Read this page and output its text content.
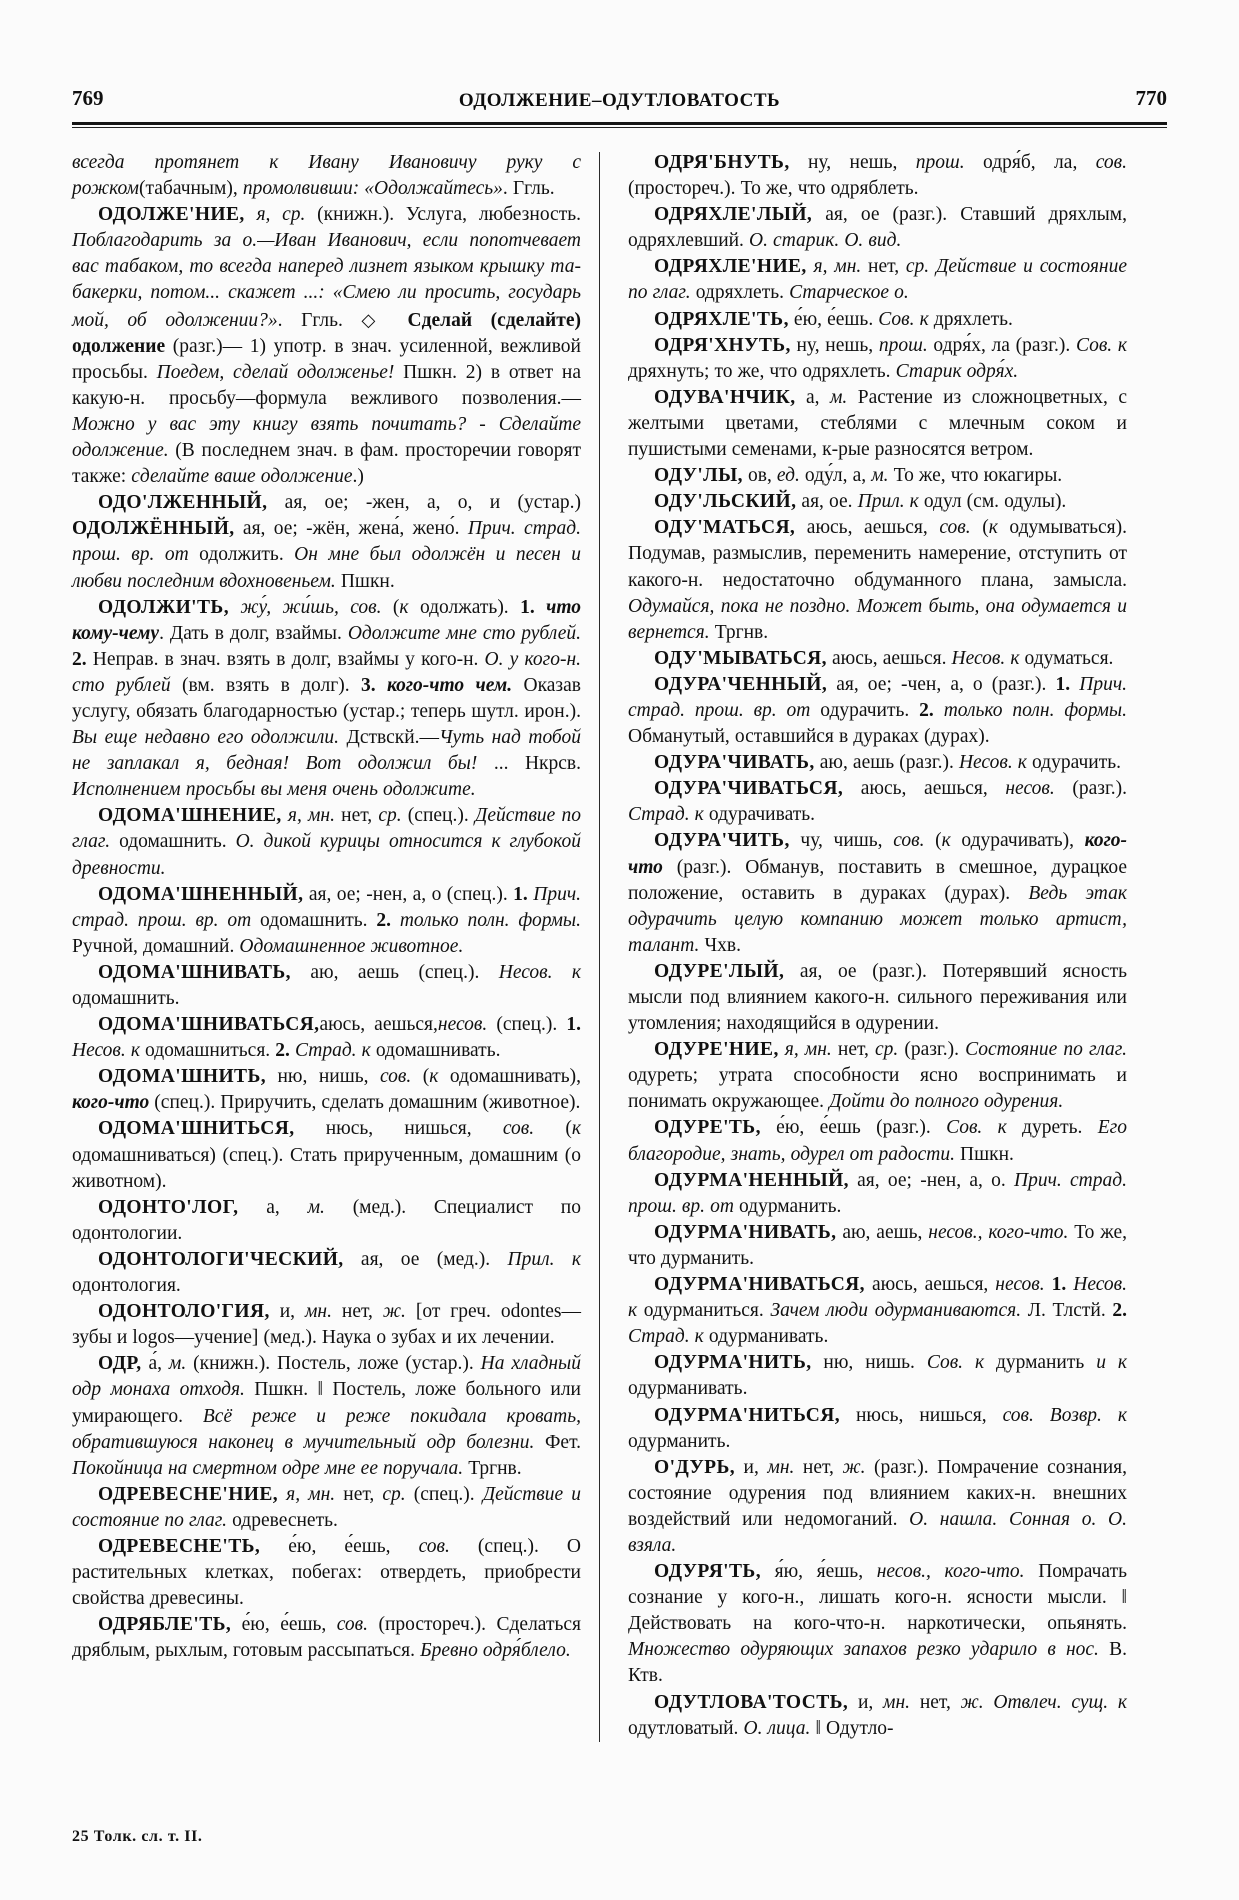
769	ОДОЛЖЕНИЕ–ОДУТЛОВАТОСТЬ	770

всегда протянет к Ивану Ивановичу руку с рожком(табачным), промолвивши: «Одолжайтесь». Ггль.

ОДОЛЖЕ'НИЕ, я, ср. (книжн.). Услуга, любезность. Поблагодарить за о.—Иван Иванович, если попотчевает вас табаком, то всегда наперед лизнет языком крышку табакерки, потом... скажет ...: «Смею ли просить, государь мой, об одолжении?». Ггль. ◇ Сделай (сделайте) одолжение (разг.)— 1) употр. в знач. усиленной, вежливой просьбы. Поедем, сделай одолженье! Пшкн. 2) в ответ на какую-н. просьбу—формула вежливого позволения.—Можно у вас эту книгу взять почитать? - Сделайте одолжение. (В последнем знач. в фам. просторечии говорят также: сделайте ваше одолжение.)

ОДО'ЛЖЕННЫЙ, ая, ое; -жен, а, о, и (устар.) ОДОЛЖЁННЫЙ, ая, ое; -жён, жена́, жено́. Прич. страд. прош. вр. от одолжить. Он мне был одолжён и песен и любви последним вдохновеньем. Пшкн.

ОДОЛЖИ'ТЬ, жу́, жи́шь, сов. (к одолжать). 1. что кому-чему. Дать в долг, взаймы. Одолжите мне сто рублей. 2. Неправ. в знач. взять в долг, взаймы у кого-н. О. у кого-н. сто рублей (вм. взять в долг). 3. кого-что чем. Оказав услугу, обязать благодарностью (устар.; теперь шутл. ирон.). Вы еще недавно его одолжили. Дствскй.—Чуть над тобой не заплакал я, бедная! Вот одолжил бы! ... Нкрсв. Исполнением просьбы вы меня очень одолжите.

ОДОМА'ШНЕНИЕ, я, мн. нет, ср. (спец.). Действие по глаг. одомашнить. О. дикой курицы относится к глубокой древности.

ОДОМА'ШНЕННЫЙ, ая, ое; -нен, а, о (спец.). 1. Прич. страд. прош. вр. от одомашнить. 2. только полн. формы. Ручной, домашний. Одомашненное животное.

ОДОМА'ШНИВАТЬ, аю, аешь (спец.). Несов. к одомашнить.

ОДОМА'ШНИВАТЬСЯ,аюсь, аешься,несов. (спец.). 1. Несов. к одомашниться. 2. Страд. к одомашнивать.

ОДОМА'ШНИТЬ, ню, нишь, сов. (к одомашнивать), кого-что (спец.). Приручить, сделать домашним (животное).

ОДОМА'ШНИТЬСЯ, нюсь, нишься, сов. (к одомашниваться) (спец.). Стать прирученным, домашним (о животном).

ОДОНТО'ЛОГ, а, м. (мед.). Специалист по одонтологии.

ОДОНТОЛОГИ'ЧЕСКИЙ, ая, ое (мед.). Прил. к одонтология.

ОДОНТОЛО'ГИЯ, и, мн. нет, ж. [от греч. odontes—зубы и logos—учение] (мед.). Наука о зубах и их лечении.

ОДР, а́, м. (книжн.). Постель, ложе (устар.). На хладный одр монаха отходя. Пшкн. ‖ Постель, ложе больного или умирающего. Всё реже и реже покидала кровать, обратившуюся наконец в мучительный одр болезни. Фет. Покойница на смертном одре мне ее поручала. Тргнв.

ОДРЕВЕСНЕ'НИЕ, я, мн. нет, ср. (спец.). Действие и состояние по глаг. одревеснеть.

ОДРЕВЕСНЕ'ТЬ, е́ю, е́ешь, сов. (спец.). О растительных клетках, побегах: отвердеть, приобрести свойства древесины.

ОДРЯБЛЕ'ТЬ, е́ю, е́ешь, сов. (простореч.). Сделаться дряблым, рыхлым, готовым рассыпаться. Бревно одря́блело.

ОДРЯ'БНУТЬ, ну, нешь, прош. одря́б, ла, сов. (простореч.). То же, что одряблеть.

ОДРЯХЛЕ'ЛЫЙ, ая, ое (разг.). Ставший дряхлым, одряхлевший. О. старик. О. вид.

ОДРЯХЛЕ'НИЕ, я, мн. нет, ср. Действие и состояние по глаг. одряхлеть. Старческое о.

ОДРЯХЛЕ'ТЬ, е́ю, е́ешь. Сов. к дряхлеть.

ОДРЯ'ХНУТЬ, ну, нешь, прош. одря́х, ла (разг.). Сов. к дряхнуть; то же, что одряхлеть. Старик одря́х.

ОДУВА'НЧИК, а, м. Растение из сложноцветных, с желтыми цветами, стеблями с млечным соком и пушистыми семенами, к-рые разносятся ветром.

ОДУ'ЛЫ, ов, ед. оду́л, а, м. То же, что юкагиры.

ОДУ'ЛЬСКИЙ, ая, ое. Прил. к одул (см. одулы).

ОДУ'МАТЬСЯ, аюсь, аешься, сов. (к одумываться). Подумав, размыслив, переменить намерение, отступить от какого-н. недостаточно обдуманного плана, замысла. Одумайся, пока не поздно. Может быть, она одумается и вернется. Тргнв.

ОДУ'МЫВАТЬСЯ, аюсь, аешься. Несов. к одуматься.

ОДУРА'ЧЕННЫЙ, ая, ое; -чен, а, о (разг.). 1. Прич. страд. прош. вр. от одурачить. 2. только полн. формы. Обманутый, оставшийся в дураках (дурах).

ОДУРА'ЧИВАТЬ, аю, аешь (разг.). Несов. к одурачить.

ОДУРА'ЧИВАТЬСЯ, аюсь, аешься, несов. (разг.). Страд. к одурачивать.

ОДУРА'ЧИТЬ, чу, чишь, сов. (к одурачивать), кого-что (разг.). Обманув, поставить в смешное, дурацкое положение, оставить в дураках (дурах). Ведь этак одурачить целую компанию может только артист, талант. Чхв.

ОДУРЕ'ЛЫЙ, ая, ое (разг.). Потерявший ясность мысли под влиянием какого-н. сильного переживания или утомления; находящийся в одурении.

ОДУРЕ'НИЕ, я, мн. нет, ср. (разг.). Состояние по глаг. одуреть; утрата способности ясно воспринимать и понимать окружающее. Дойти до полного одурения.

ОДУРЕ'ТЬ, е́ю, е́ешь (разг.). Сов. к дуреть. Его благородие, знать, одурел от радости. Пшкн.

ОДУРМА'НЕННЫЙ, ая, ое; -нен, а, о. Прич. страд. прош. вр. от одурманить.

ОДУРМА'НИВАТЬ, аю, аешь, несов., кого-что. То же, что дурманить.

ОДУРМА'НИВАТЬСЯ, аюсь, аешься, несов. 1. Несов. к одурманиться. Зачем люди одурманиваются. Л. Тлстй. 2. Страд. к одурманивать.

ОДУРМА'НИТЬ, ню, нишь. Сов. к дурманить и к одурманивать.

ОДУРМА'НИТЬСЯ, нюсь, нишься, сов. Возвр. к одурманить.

О'ДУРЬ, и, мн. нет, ж. (разг.). Помрачение сознания, состояние одурения под влиянием каких-н. внешних воздействий или недомоганий. О. нашла. Сонная о. О. взяла.

ОДУРЯ'ТЬ, я́ю, я́ешь, несов., кого-что. Помрачать сознание у кого-н., лишать кого-н. ясности мысли. ‖ Действовать на кого-что-н. наркотически, опьянять. Множество одуряющих запахов резко ударило в нос. В. Ктв.

ОДУТЛОВА'ТОСТЬ, и, мн. нет, ж. Отвлеч. сущ. к одутловатый. О. лица. ‖ Одутло-

25 Толк. сл. т. II.
